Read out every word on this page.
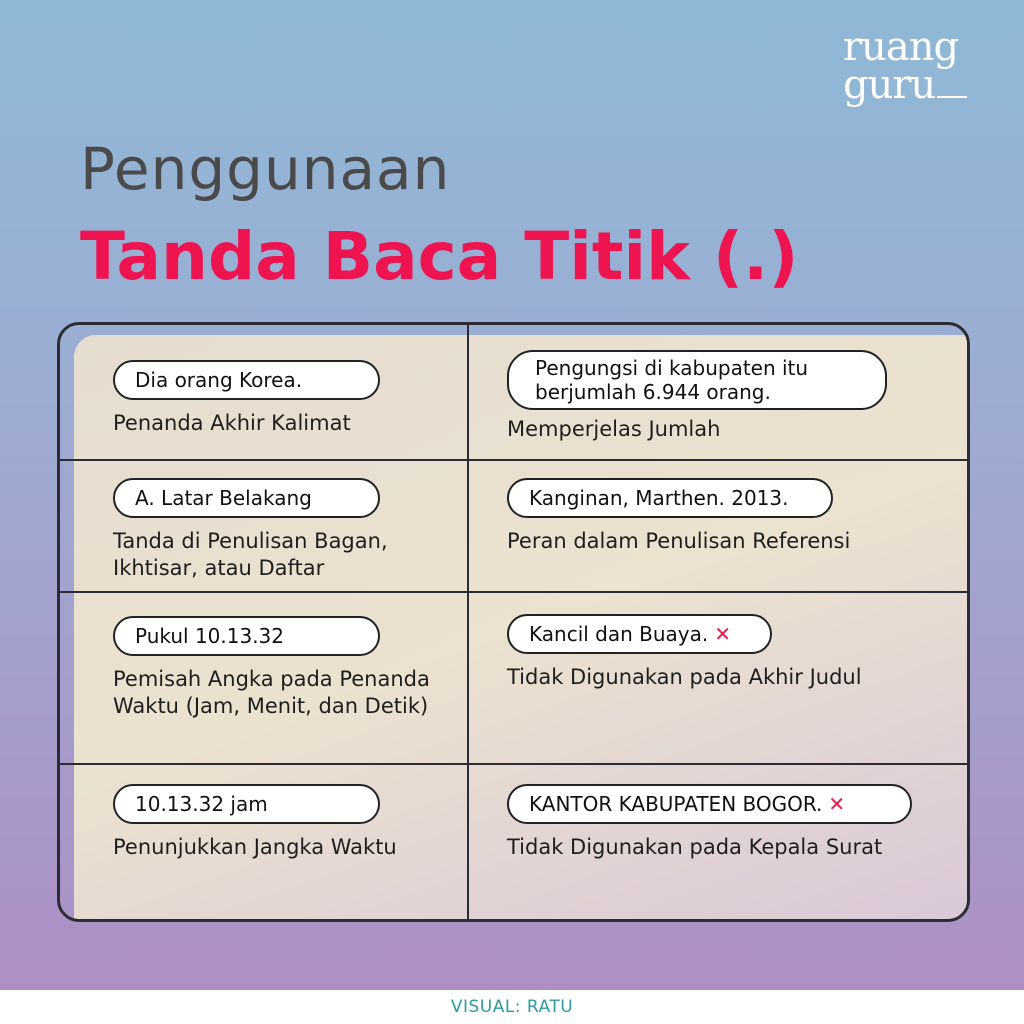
ruang
guru
Penggunaan
Tanda Baca Titik (.)
Dia orang Korea.
Penanda Akhir Kalimat
Pengungsi di kabupaten itu berjumlah 6.944 orang.
Memperjelas Jumlah
A. Latar Belakang
Tanda di Penulisan Bagan, Ikhtisar, atau Daftar
Kanginan, Marthen. 2013.
Peran dalam Penulisan Referensi
Pukul 10.13.32
Pemisah Angka pada Penanda Waktu (Jam, Menit, dan Detik)
Kancil dan Buaya. ✕
Tidak Digunakan pada Akhir Judul
10.13.32 jam
Penunjukkan Jangka Waktu
KANTOR KABUPATEN BOGOR. ✕
Tidak Digunakan pada Kepala Surat
VISUAL: RATU
